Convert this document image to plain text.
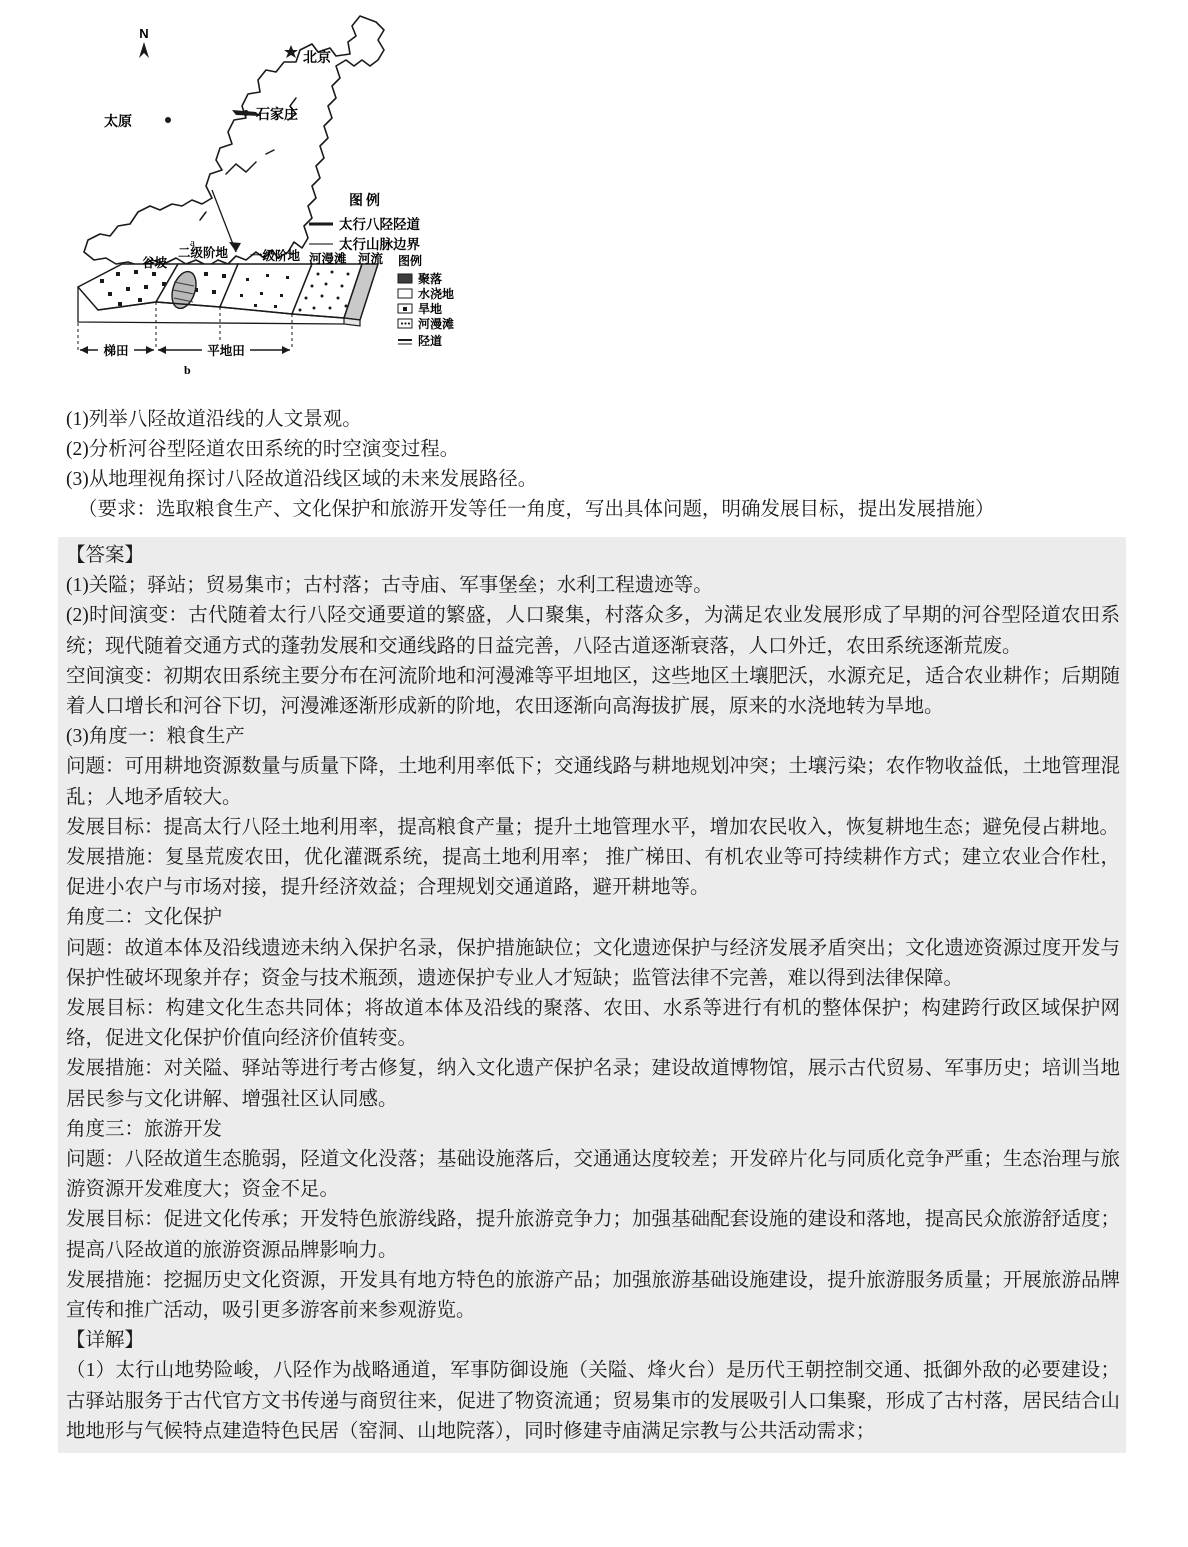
N
北京
石家庄
太原
图例
太行八陉陉道
太行山脉边界
a
梯田	平地田
谷坡
二级阶地 一级阶地 河漫滩 河流
b
图例
聚落
水浇地
旱地
河漫滩
陉道
(1)列举八陉故道沿线的人文景观。
(2)分析河谷型陉道农田系统的时空演变过程。
(3)从地理视角探讨八陉故道沿线区域的未来发展路径。
（要求：选取粮食生产、文化保护和旅游开发等任一角度，写出具体问题，明确发展目标，提出发展措施）
【答案】

(1)关隘；驿站；贸易集市；古村落；古寺庙、军事堡垒；水利工程遗迹等。

(2)时间演变：古代随着太行八陉交通要道的繁盛，人口聚集，村落众多，为满足农业发展形成了早期的河谷型陉道农田系统；现代随着交通方式的蓬勃发展和交通线路的日益完善，八陉古道逐渐衰落，人口外迁，农田系统逐渐荒废。

空间演变：初期农田系统主要分布在河流阶地和河漫滩等平坦地区，这些地区土壤肥沃，水源充足，适合农业耕作；后期随着人口增长和河谷下切，河漫滩逐渐形成新的阶地，农田逐渐向高海拔扩展，原来的水浇地转为旱地。

(3)角度一：粮食生产

问题：可用耕地资源数量与质量下降，土地利用率低下；交通线路与耕地规划冲突；土壤污染；农作物收益低，土地管理混乱；人地矛盾较大。

发展目标：提高太行八陉土地利用率，提高粮食产量；提升土地管理水平，增加农民收入，恢复耕地生态；避免侵占耕地。

发展措施：复垦荒废农田，优化灌溉系统，提高土地利用率； 推广梯田、有机农业等可持续耕作方式；建立农业合作杜， 促进小农户与市场对接，提升经济效益；合理规划交通道路，避开耕地等。

角度二：文化保护

问题：故道本体及沿线遗迹未纳入保护名录，保护措施缺位；文化遗迹保护与经济发展矛盾突出；文化遗迹资源过度开发与保护性破坏现象并存；资金与技术瓶颈，遗迹保护专业人才短缺；监管法律不完善，难以得到法律保障。

发展目标：构建文化生态共同体；将故道本体及沿线的聚落、农田、水系等进行有机的整体保护；构建跨行政区域保护网络，促进文化保护价值向经济价值转变。

发展措施：对关隘、驿站等进行考古修复，纳入文化遗产保护名录；建设故道博物馆，展示古代贸易、军事历史；培训当地居民参与文化讲解、增强社区认同感。

角度三：旅游开发

问题：八陉故道生态脆弱，陉道文化没落；基础设施落后，交通通达度较差；开发碎片化与同质化竞争严重；生态治理与旅游资源开发难度大；资金不足。

发展目标：促进文化传承；开发特色旅游线路，提升旅游竞争力；加强基础配套设施的建设和落地，提高民众旅游舒适度；提高八陉故道的旅游资源品牌影响力。

发展措施：挖掘历史文化资源，开发具有地方特色的旅游产品；加强旅游基础设施建设，提升旅游服务质量；开展旅游品牌宣传和推广活动，吸引更多游客前来参观游览。

【详解】

（1）太行山地势险峻，八陉作为战略通道，军事防御设施（关隘、烽火台）是历代王朝控制交通、抵御外敌的必要建设；古驿站服务于古代官方文书传递与商贸往来，促进了物资流通；贸易集市的发展吸引人口集聚，形成了古村落，居民结合山地地形与气候特点建造特色民居（窑洞、山地院落），同时修建寺庙满足宗教与公共活动需求；
